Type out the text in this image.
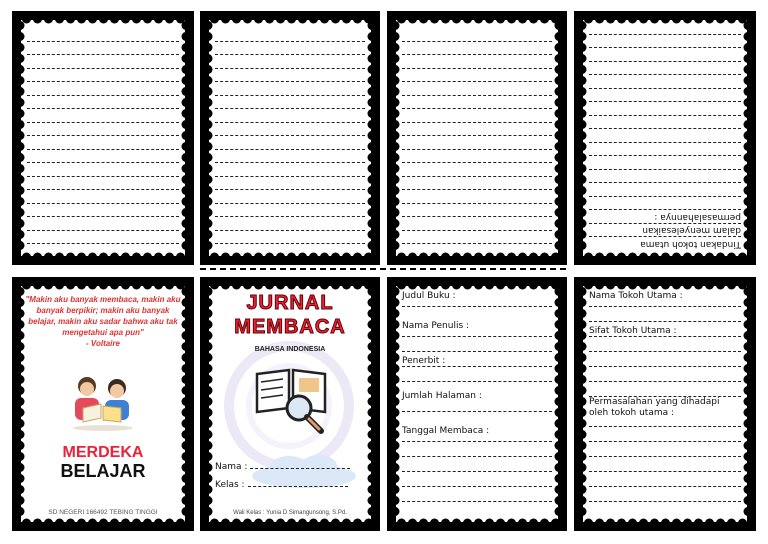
Tindakan tokoh utama
dalam menyelesaikan
permasalahannya :
"Makin aku banyak membaca, makin aku banyak berpikir; makin aku banyak belajar, makin aku sadar bahwa aku tak mengetahui apa pun"
- Voltaire
MERDEKA
BELAJAR
SD NEGERI 166492 TEBING TINGGI
JURNAL
MEMBACA
BAHASA INDONESIA
Nama :
Kelas :
Wali Kelas : Yunia D Simangunsong, S.Pd.
Judul Buku :
Nama Penulis :
Penerbit :
Jumlah Halaman :
Tanggal Membaca :
Nama Tokoh Utama :
Sifat Tokoh Utama :
Permasalahan yang dihadapi
oleh tokoh utama :
